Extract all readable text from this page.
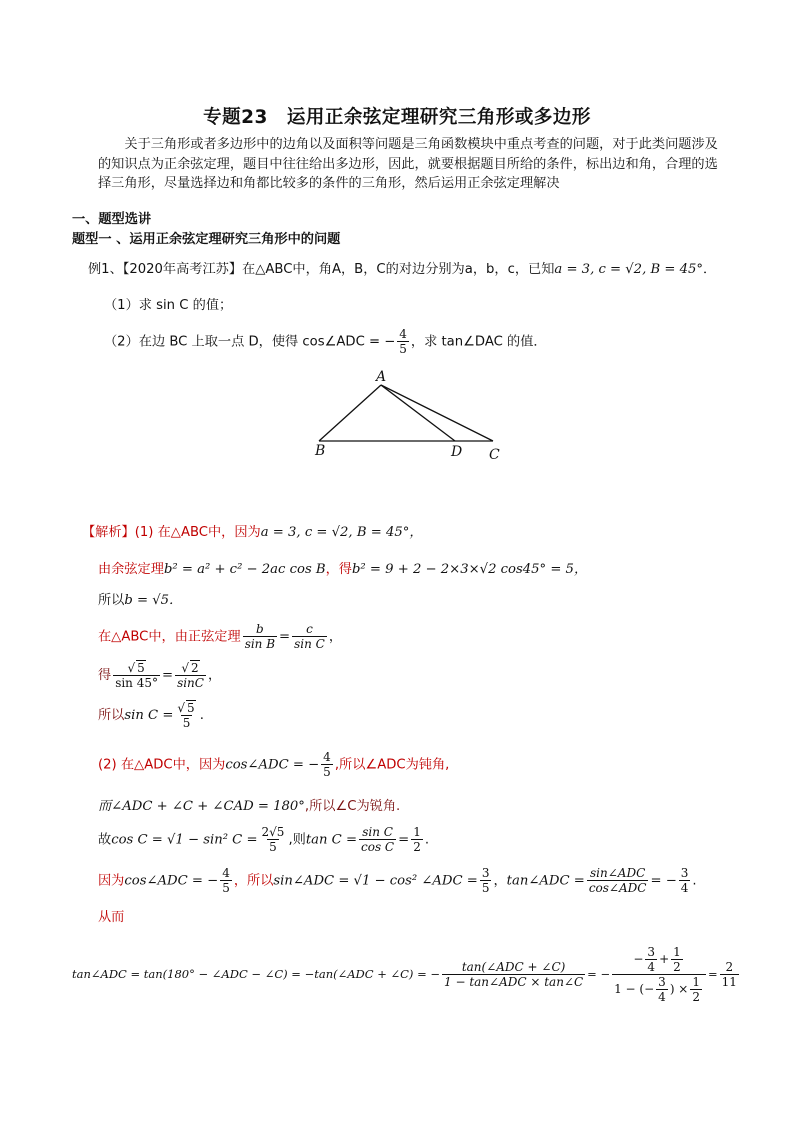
专题23　运用正余弦定理研究三角形或多边形

关于三角形或者多边形中的边角以及面积等问题是三角函数模块中重点考查的问题，对于此类问题涉及的知识点为正余弦定理，题目中往往给出多边形，因此，就要根据题目所给的条件，标出边和角，合理的选择三角形，尽量选择边和角都比较多的条件的三角形，然后运用正余弦定理解决

一、题型选讲
题型一 、运用正余弦定理研究三角形中的问题
例1、【2020年高考江苏】在△ABC中，角A，B，C的对边分别为a，b，c，已知a = 3, c = √2, B = 45°．
（1）求 sin C 的值；
（2）在边 BC 上取一点 D，使得 cos∠ADC = − $\frac{4}{5}$ ，求 tan∠DAC 的值．
A
B	D C
【解析】(1) 在△ABC中，因为a = 3, c = √2, B = 45°，
由余弦定理b² = a² + c² − 2ac cos B，得b² = 9 + 2 − 2×3×√2 cos45° = 5，
所以b = √5．
在△ABC中，由正弦定理 $\frac{b}{\text{sin B}} = \frac{c}{\text{sin C}}$ ，
得 $\frac{√ 5}{\sin 45^\circ} = \frac{√ 2}{\sin C}$ ，
所以$\sin C = \frac{√ 5}{5}$ .
(2) 在△ADC中，因为cos∠ADC = − $\frac{4}{5}$ ,所以∠ADC为钝角,
而∠ADC + ∠C + ∠CAD = 180°,所以∠C为锐角.
故cos C = √1 − sin² $C = \frac{2√5}{5}$ ,则$\tan C = \frac{\text{sin C}}{\text{cos C}} = \frac{1}{2}$ .
因为cos∠ADC = − $\frac{4}{5}$ ，所以sin∠ADC = √1 − cos² ∠ADC = $\frac{3}{5}$ ，tan∠ADC = $\frac{\text{sin∠ADC}}{\text{cos∠ADC}}$ = − $\frac{3}{4}$ .
从而
tan∠ADC = tan(180° − ∠ADC − ∠C) = −tan(∠ADC + ∠C) = − $\frac{\text{tan(∠ADC + ∠C)}}{\text{1 − tan∠ADC × tan∠C}}$ = − $\frac{- \frac{3}{4} + \frac{1}{2}}{1 - (- \frac{3}{4} ) \times \frac{1}{2}} = \frac{2}{11}$
